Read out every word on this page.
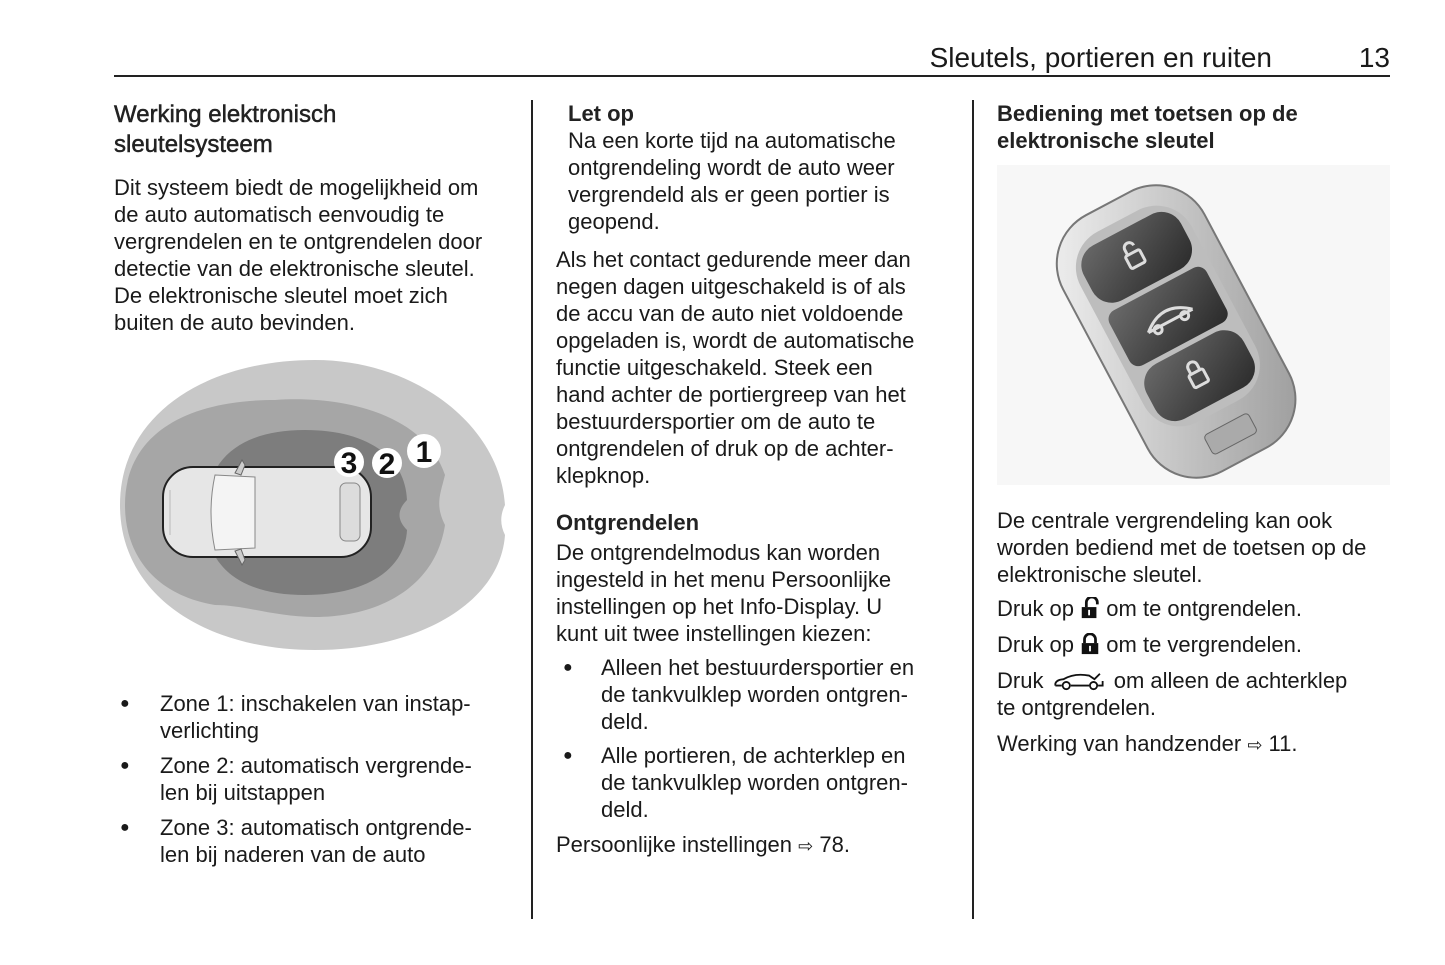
Sleutels, portieren en ruiten	13
Werking elektronisch
sleutelsysteem
Dit systeem biedt de mogelijkheid om
de auto automatisch eenvoudig te
vergrendelen en te ontgrendelen door
detectie van de elektronische sleutel.
De elektronische sleutel moet zich
buiten de auto bevinden.
1
2
3
● Zone 1: inschakelen van instap-
verlichting
● Zone 2: automatisch vergrende-
len bij uitstappen
● Zone 3: automatisch ontgrende-
len bij naderen van de auto
Let op
Na een korte tijd na automatische
ontgrendeling wordt de auto weer
vergrendeld als er geen portier is
geopend.
Als het contact gedurende meer dan
negen dagen uitgeschakeld is of als
de accu van de auto niet voldoende
opgeladen is, wordt de automatische
functie uitgeschakeld. Steek een
hand achter de portiergreep van het
bestuurdersportier om de auto te
ontgrendelen of druk op de achter-
klepknop.
Ontgrendelen
De ontgrendelmodus kan worden
ingesteld in het menu Persoonlijke
instellingen op het Info-Display. U
kunt uit twee instellingen kiezen:
● Alleen het bestuurdersportier en
de tankvulklep worden ontgren-
deld.
● Alle portieren, de achterklep en
de tankvulklep worden ontgren-
deld.
Persoonlijke instellingen ⇨ 78.
Bediening met toetsen op de
elektronische sleutel
De centrale vergrendeling kan ook
worden bediend met de toetsen op de
elektronische sleutel.
Druk op om te ontgrendelen.
Druk op om te vergrendelen.
Druk	om alleen de achterklep
te ontgrendelen.
Werking van handzender ⇨ 11.
